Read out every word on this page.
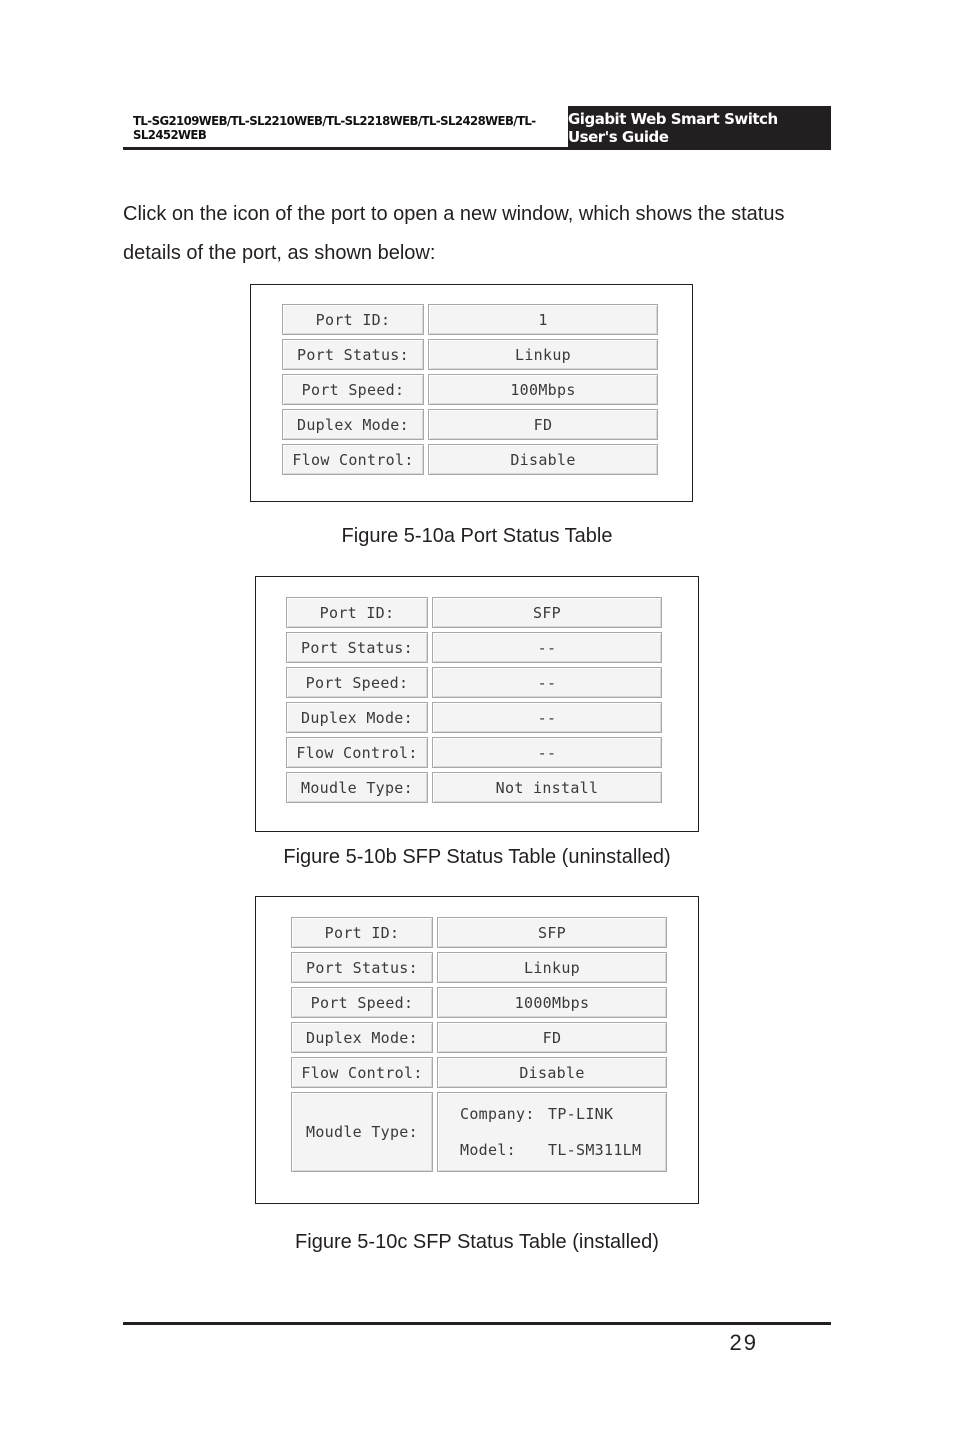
TL-SG2109WEB/TL-SL2210WEB/TL-SL2218WEB/TL-SL2428WEB/TL-SL2452WEB
Gigabit Web Smart Switch User's Guide

Click on the icon of the port to open a new window, which shows the status details of the port, as shown below:

Port ID:	1
Port Status:	Linkup
Port Speed:	100Mbps
Duplex Mode:	FD
Flow Control:	Disable
Figure 5-10a Port Status Table
Port ID:	SFP
Port Status:	--
Port Speed:	--
Duplex Mode:	--
Flow Control:	--
Moudle Type:	Not install
Figure 5-10b SFP Status Table (uninstalled)
Port ID:	SFP
Port Status:	Linkup
Port Speed:	1000Mbps
Duplex Mode:	FD
Flow Control:	Disable
Moudle Type:	Company: TP-LINK
Model: TL-SM311LM
Figure 5-10c SFP Status Table (installed)
29
